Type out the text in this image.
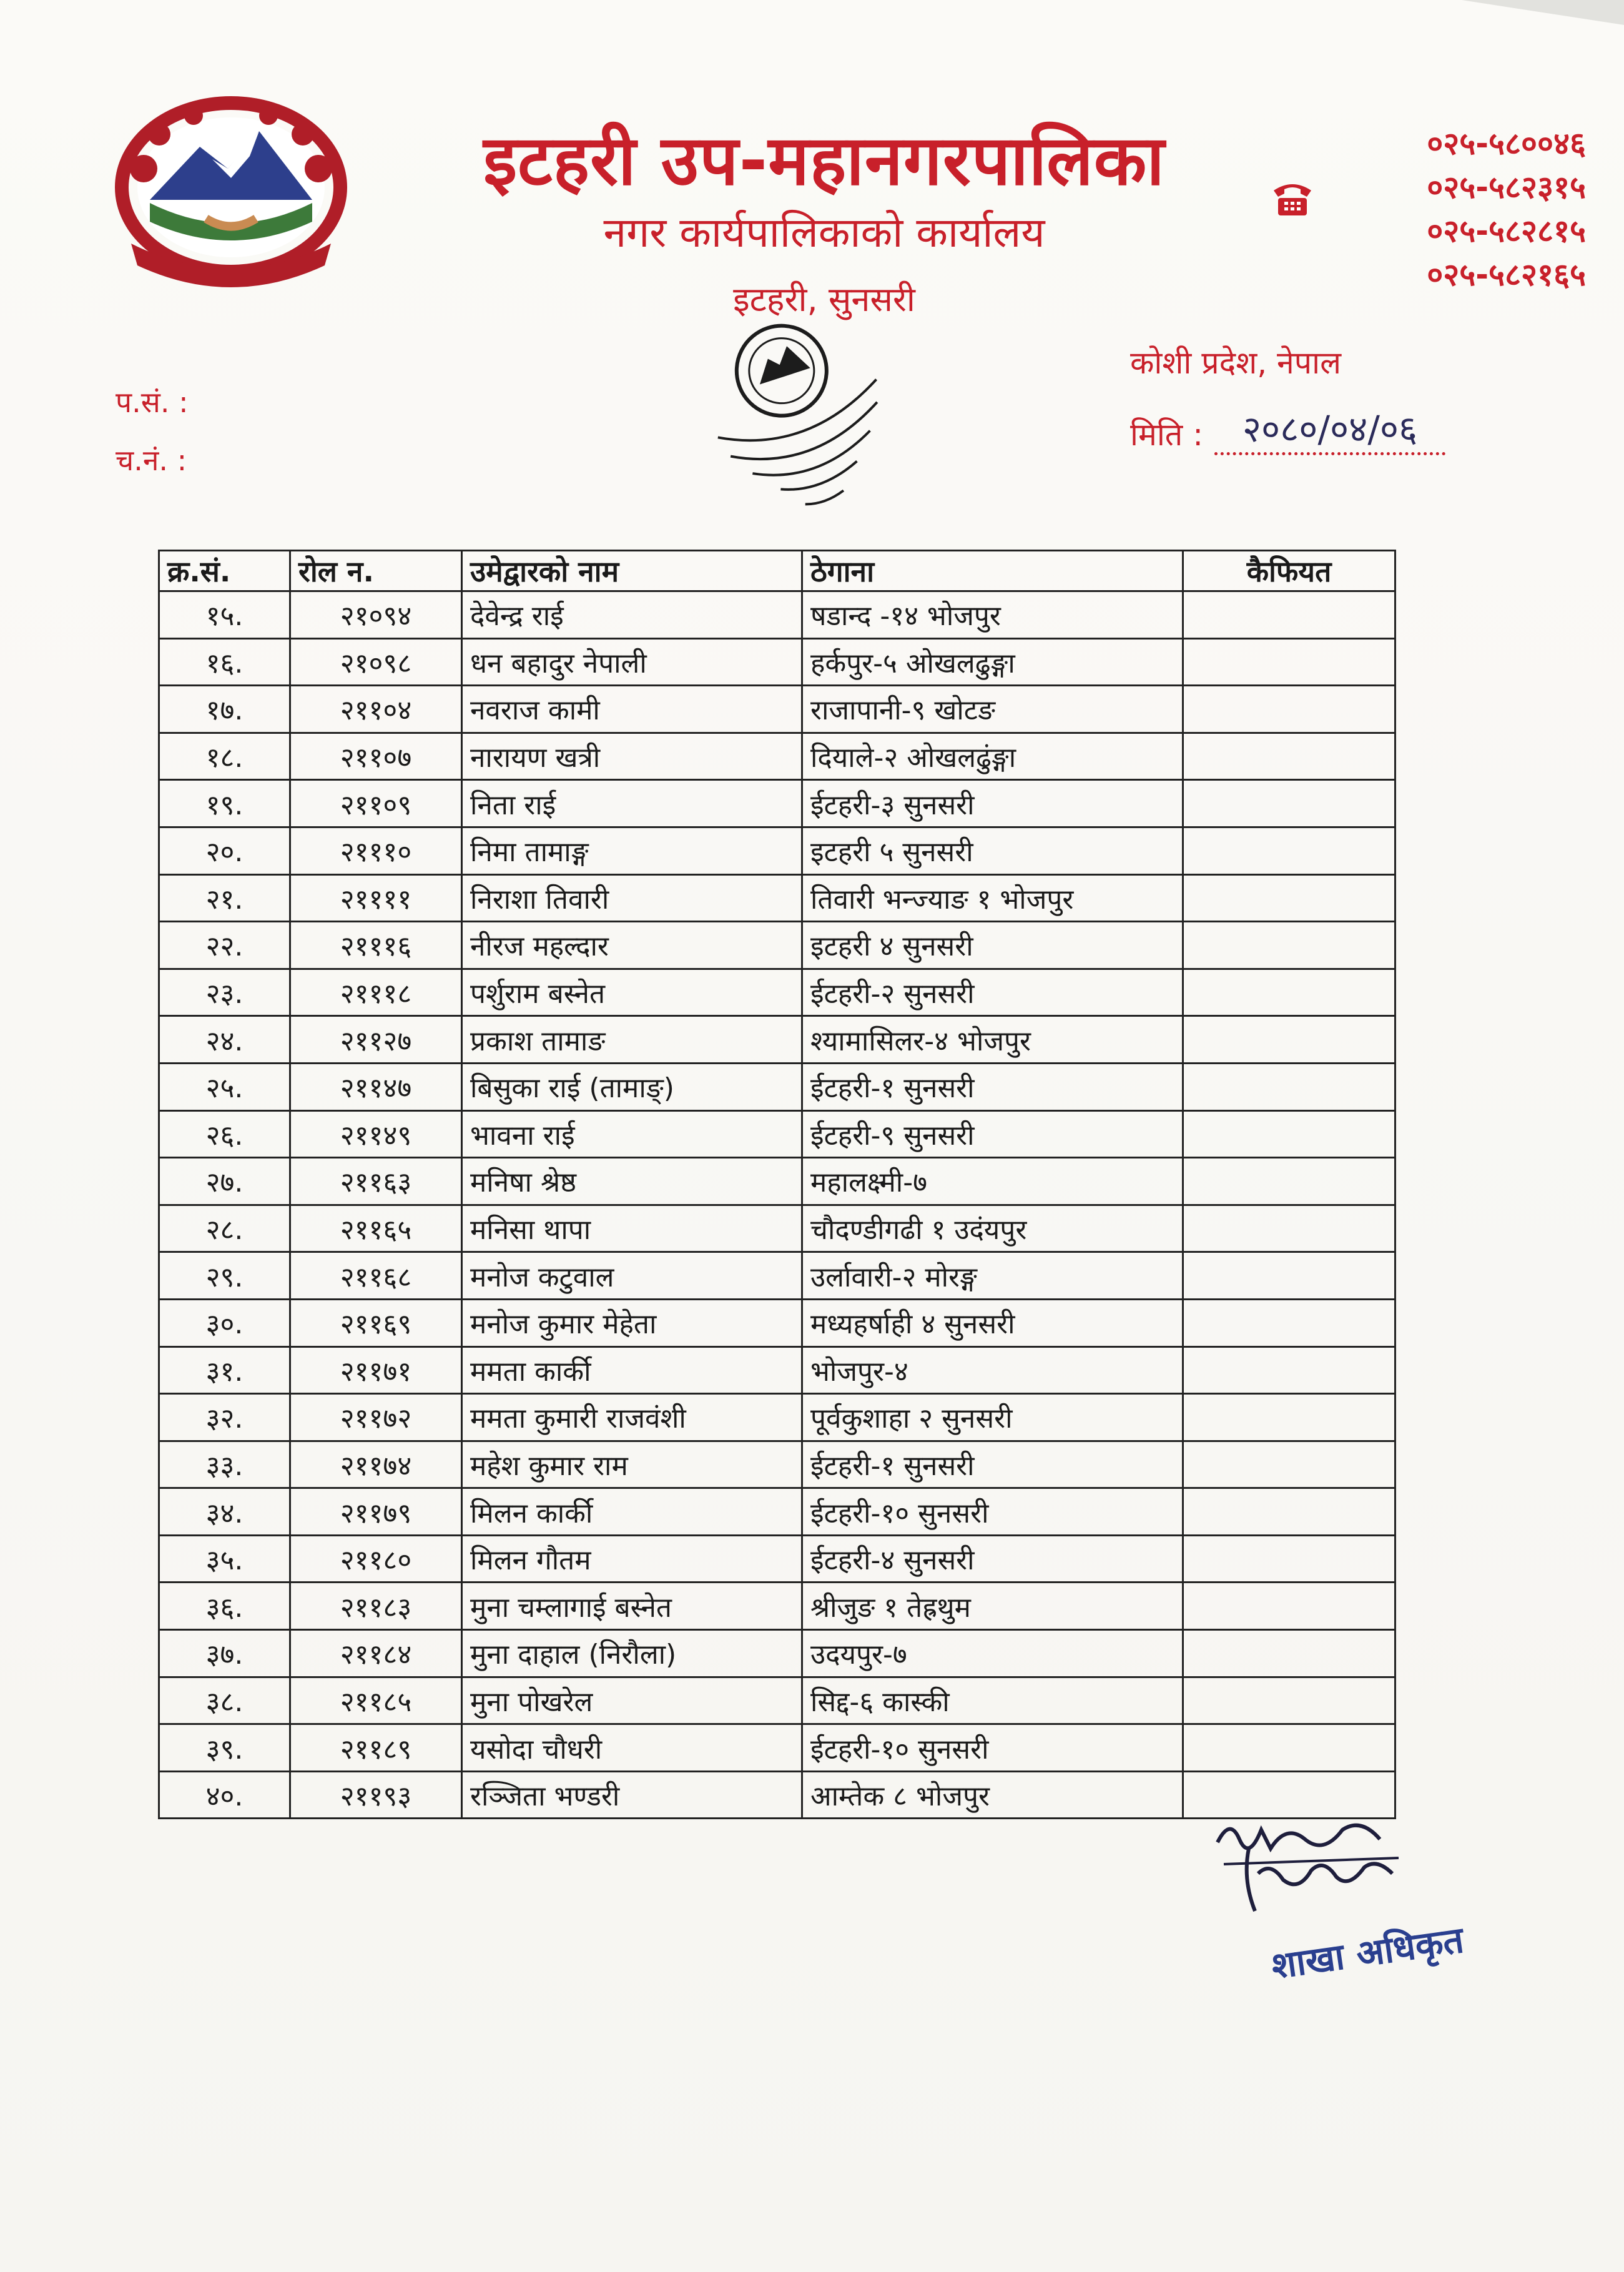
इटहरी उप-महानगरपालिका
नगर कार्यपालिकाको कार्यालय
इटहरी, सुनसरी
०२५-५८००४६
०२५-५८२३१५
०२५-५८२८१५
०२५-५८२१६५
कोशी प्रदेश, नेपाल
मिति :	२०८०/०४/०६
प.सं. :
च.नं. :
क्र.सं.	रोल न.	उमेद्वारको नाम	ठेगाना	कैफियत
१५.	२१०९४	देवेन्द्र राई	षडान्द -१४ भोजपुर	
१६.	२१०९८	धन बहादुर नेपाली	हर्कपुर-५ ओखलढुङ्गा	
१७.	२११०४	नवराज कामी	राजापानी-९ खोटङ	
१८.	२११०७	नारायण खत्री	दियाले-२ ओखलढुंङ्गा	
१९.	२११०९	निता राई	ईटहरी-३ सुनसरी	
२०.	२१११०	निमा तामाङ्ग	इटहरी ५ सुनसरी	
२१.	२११११	निराशा तिवारी	तिवारी भन्ज्याङ १ भोजपुर	
२२.	२१११६	नीरज महल्दार	इटहरी ४ सुनसरी	
२३.	२१११८	पर्शुराम बस्नेत	ईटहरी-२ सुनसरी	
२४.	२११२७	प्रकाश तामाङ	श्यामासिलर-४ भोजपुर	
२५.	२११४७	बिसुका राई (तामाङ्)	ईटहरी-१ सुनसरी	
२६.	२११४९	भावना राई	ईटहरी-९ सुनसरी	
२७.	२११६३	मनिषा श्रेष्ठ	महालक्ष्मी-७	
२८.	२११६५	मनिसा थापा	चौदण्डीगढी १ उदंयपुर	
२९.	२११६८	मनोज कटुवाल	उर्लावारी-२ मोरङ्ग	
३०.	२११६९	मनोज कुमार मेहेता	मध्यहर्षाही ४ सुनसरी	
३१.	२११७१	ममता कार्की	भोजपुर-४	
३२.	२११७२	ममता कुमारी राजवंशी	पूर्वकुशाहा २ सुनसरी	
३३.	२११७४	महेश कुमार राम	ईटहरी-१ सुनसरी	
३४.	२११७९	मिलन कार्की	ईटहरी-१० सुनसरी	
३५.	२११८०	मिलन गौतम	ईटहरी-४ सुनसरी	
३६.	२११८३	मुना चम्लागाई बस्नेत	श्रीजुङ १ तेह्रथुम	
३७.	२११८४	मुना दाहाल (निरौला)	उदयपुर-७	
३८.	२११८५	मुना पोखरेल	सिद्द-६ कास्की	
३९.	२११८९	यसोदा चौधरी	ईटहरी-१० सुनसरी	
४०.	२११९३	रञ्जिता भण्डरी	आम्तेक ८ भोजपुर	
शाखा अधिकृत
